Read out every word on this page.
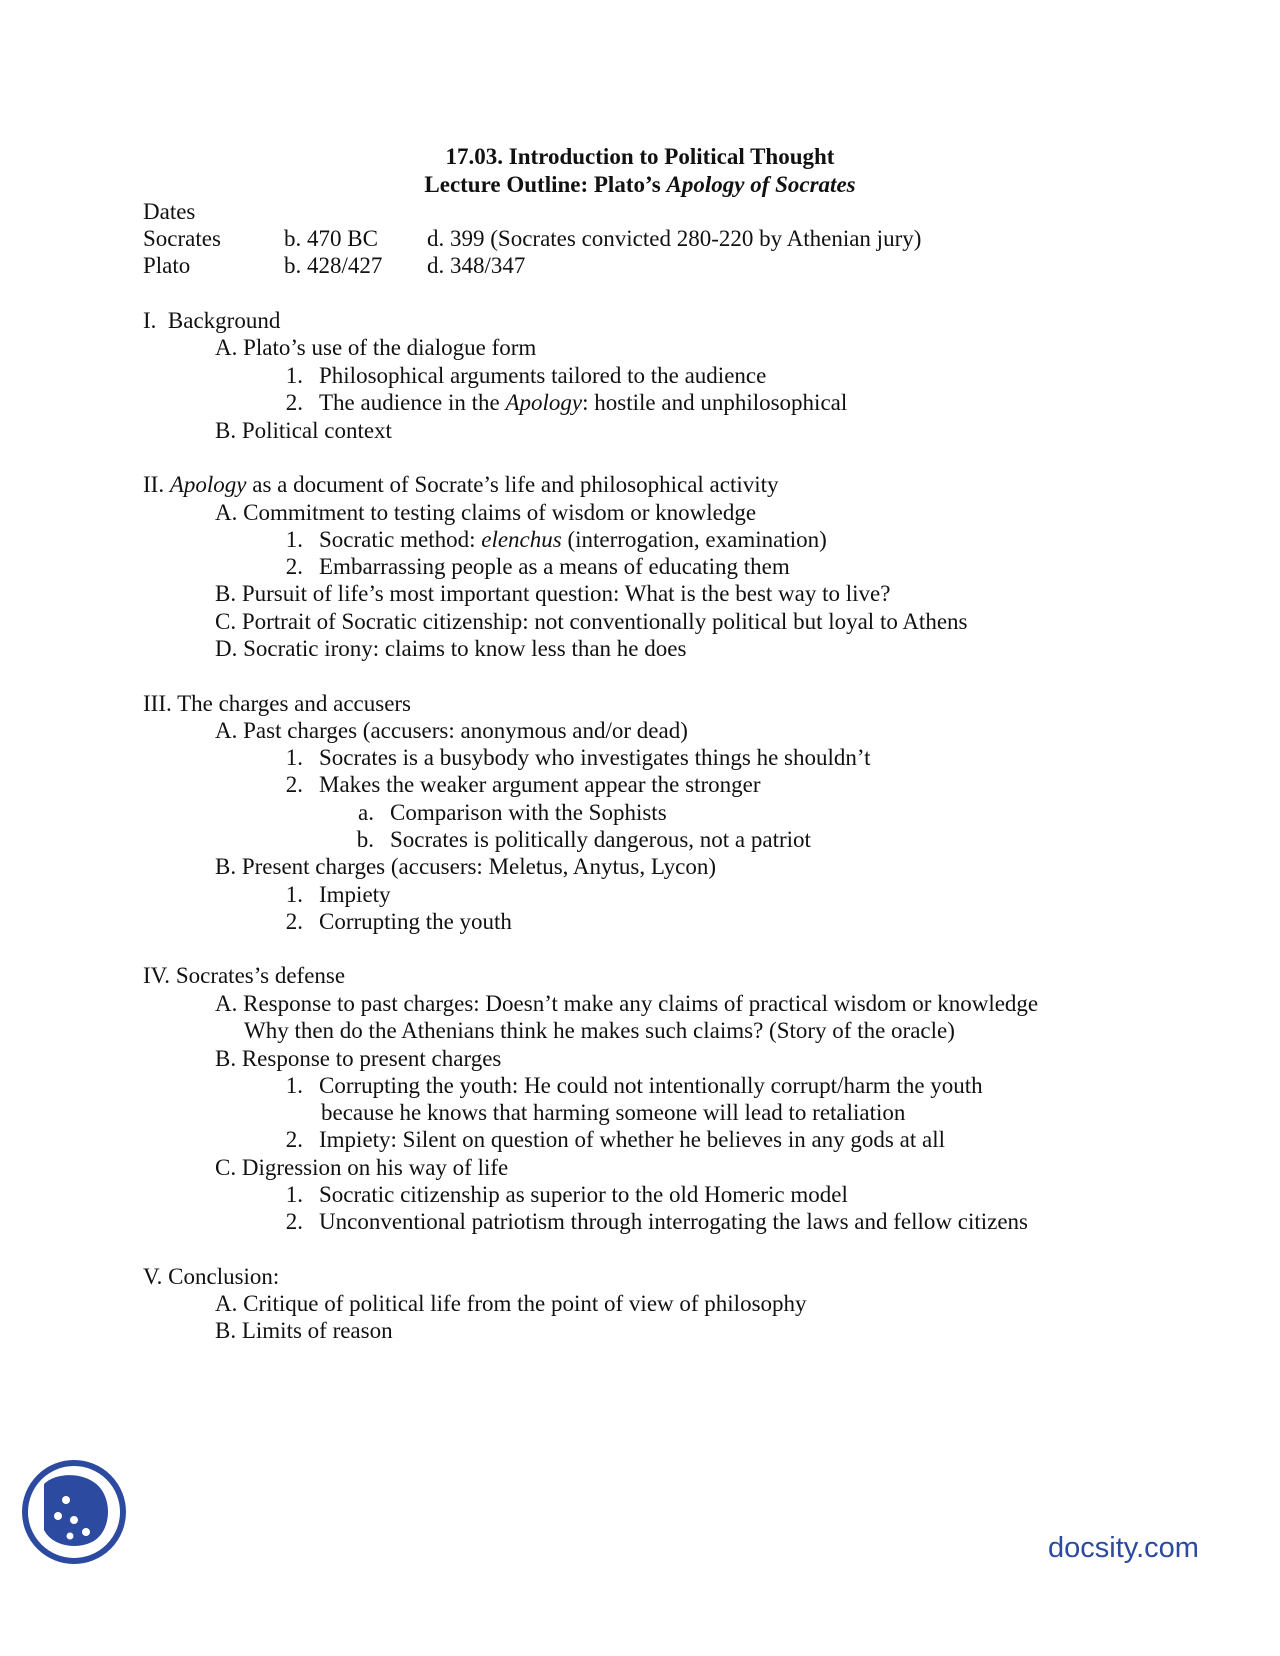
17.03. Introduction to Political Thought
Lecture Outline: Plato’s Apology of Socrates
Dates
Socrates	b. 470 BC d. 399 (Socrates convicted 280-220 by Athenian jury)
Plato	b. 428/427 d. 348/347
I. Background
A. Plato’s use of the dialogue form
1. Philosophical arguments tailored to the audience
2. The audience in the Apology: hostile and unphilosophical
B. Political context
II. Apology as a document of Socrate’s life and philosophical activity
A. Commitment to testing claims of wisdom or knowledge
1. Socratic method: elenchus (interrogation, examination)
2. Embarrassing people as a means of educating them
B. Pursuit of life’s most important question: What is the best way to live?
C. Portrait of Socratic citizenship: not conventionally political but loyal to Athens
D. Socratic irony: claims to know less than he does
III. The charges and accusers
A. Past charges (accusers: anonymous and/or dead)
1. Socrates is a busybody who investigates things he shouldn’t
2. Makes the weaker argument appear the stronger
a. Comparison with the Sophists
b. Socrates is politically dangerous, not a patriot
B. Present charges (accusers: Meletus, Anytus, Lycon)
1. Impiety
2. Corrupting the youth
IV. Socrates’s defense
A. Response to past charges: Doesn’t make any claims of practical wisdom or knowledge
Why then do the Athenians think he makes such claims? (Story of the oracle)
B. Response to present charges
1. Corrupting the youth: He could not intentionally corrupt/harm the youth
because he knows that harming someone will lead to retaliation
2. Impiety: Silent on question of whether he believes in any gods at all
C. Digression on his way of life
1. Socratic citizenship as superior to the old Homeric model
2. Unconventional patriotism through interrogating the laws and fellow citizens
V. Conclusion:
A. Critique of political life from the point of view of philosophy
B. Limits of reason
docsity.com
